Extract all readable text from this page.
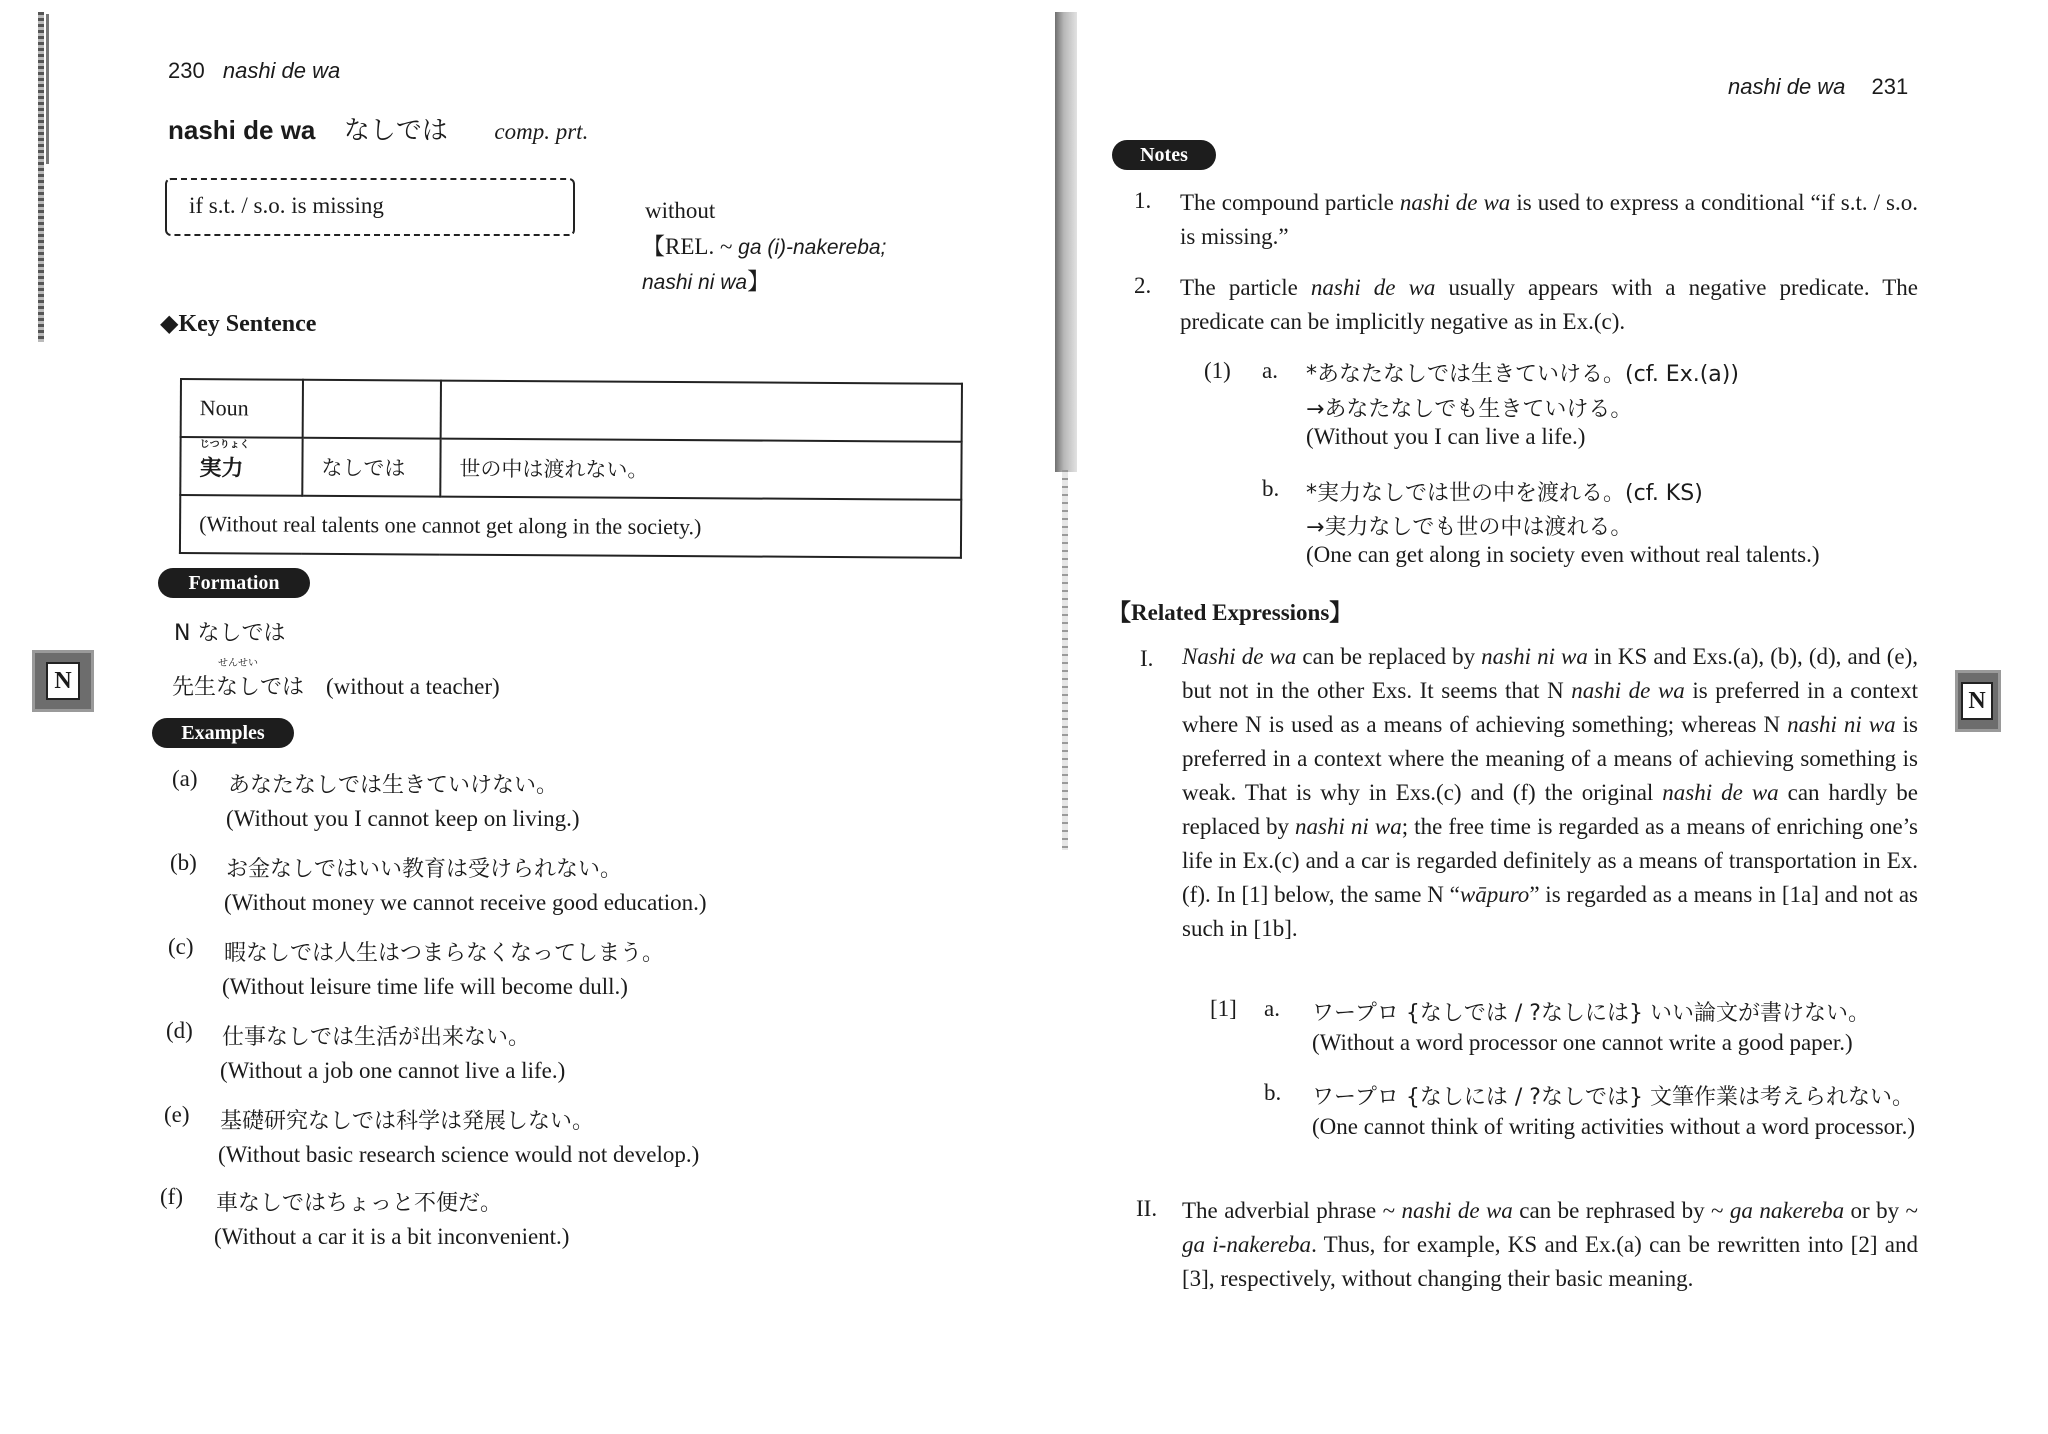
230 nashi de wa
nashi de wa なしでは comp. prt.
if s.t. / s.o. is missing	without
【REL. ~ ga (i)-nakereba;
nashi ni wa】
◆Key Sentence
Noun		

じつりょく
実力	なしでは	世の中は渡れない。
(Without real talents one cannot get along in the society.)		
Formation
N なしでは
せんせい
先生なしでは (without a teacher)
Examples
(a) あなたなしでは生きていけない。
(Without you I cannot keep on living.)
(b) お金なしではいい教育は受けられない。
(Without money we cannot receive good education.)
(c) 暇なしでは人生はつまらなくなってしまう。
(Without leisure time life will become dull.)
(d) 仕事なしでは生活が出来ない。
(Without a job one cannot live a life.)
(e) 基礎研究なしでは科学は発展しない。
(Without basic research science would not develop.)
(f) 車なしではちょっと不便だ。
(Without a car it is a bit inconvenient.)
N
nashi de wa 231
Notes
1. The compound particle nashi de wa is used to express a conditional “if s.t. / s.o. is missing.”
2. The particle nashi de wa usually appears with a negative predicate. The predicate can be implicitly negative as in Ex.(c).
(1) a. *あなたなしでは生きていける。(cf. Ex.(a))
→あなたなしでも生きていける。
(Without you I can live a life.)
b. *実力なしでは世の中を渡れる。(cf. KS)
→実力なしでも世の中は渡れる。
(One can get along in society even without real talents.)
【Related Expressions】
I. Nashi de wa can be replaced by nashi ni wa in KS and Exs.(a), (b), (d), and (e), but not in the other Exs. It seems that N nashi de wa is preferred in a context where N is used as a means of achieving something; whereas N nashi ni wa is preferred in a context where the meaning of a means of achieving something is weak. That is why in Exs.(c) and (f) the original nashi de wa can hardly be replaced by nashi ni wa; the free time is regarded as a means of enriching one’s life in Ex.(c) and a car is regarded definitely as a means of transportation in Ex.(f). In [1] below, the same N “wāpuro” is regarded as a means in [1a] and not as such in [1b].
[1] a. ワープロ {なしでは / ?なしには} いい論文が書けない。
(Without a word processor one cannot write a good paper.)
b. ワープロ {なしには / ?なしでは} 文筆作業は考えられない。
(One cannot think of writing activities without a word processor.)
II. The adverbial phrase ~ nashi de wa can be rephrased by ~ ga nakereba or by ~ ga i-nakereba. Thus, for example, KS and Ex.(a) can be rewritten into [2] and [3], respectively, without changing their basic meaning.
N
